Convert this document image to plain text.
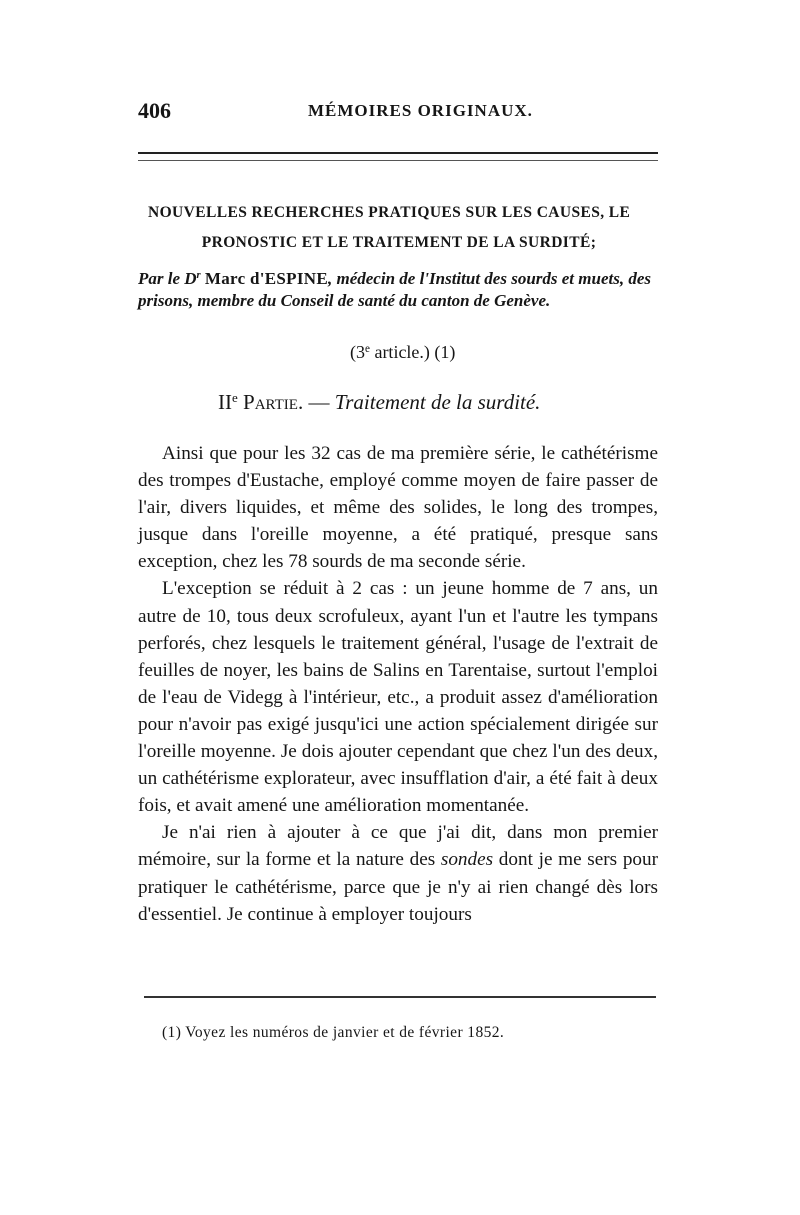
406	MÉMOIRES ORIGINAUX.
NOUVELLES RECHERCHES PRATIQUES SUR LES CAUSES, LE
PRONOSTIC ET LE TRAITEMENT DE LA SURDITÉ;
Par le $D^r$ Marc d'ESPINE, médecin de l'Institut des sourds et muets, des prisons, membre du Conseil de santé du canton de Genève.
(3e article.) (1)
IIe Partie. — Traitement de la surdité.

Ainsi que pour les 32 cas de ma première série, le cathétérisme des trompes d'Eustache, employé comme moyen de faire passer de l'air, divers liquides, et même des solides, le long des trompes, jusque dans l'oreille moyenne, a été pratiqué, presque sans exception, chez les 78 sourds de ma seconde série.

L'exception se réduit à 2 cas : un jeune homme de 7 ans, un autre de 10, tous deux scrofuleux, ayant l'un et l'autre les tympans perforés, chez lesquels le traitement général, l'usage de l'extrait de feuilles de noyer, les bains de Salins en Tarentaise, surtout l'emploi de l'eau de Videgg à l'intérieur, etc., a produit assez d'amélioration pour n'avoir pas exigé jusqu'ici une action spécialement dirigée sur l'oreille moyenne. Je dois ajouter cependant que chez l'un des deux, un cathétérisme explorateur, avec insufflation d'air, a été fait à deux fois, et avait amené une amélioration momentanée.

Je n'ai rien à ajouter à ce que j'ai dit, dans mon premier mémoire, sur la forme et la nature des sondes dont je me sers pour pratiquer le cathétérisme, parce que je n'y ai rien changé dès lors d'essentiel. Je continue à employer toujours

(1) Voyez les numéros de janvier et de février 1852.
